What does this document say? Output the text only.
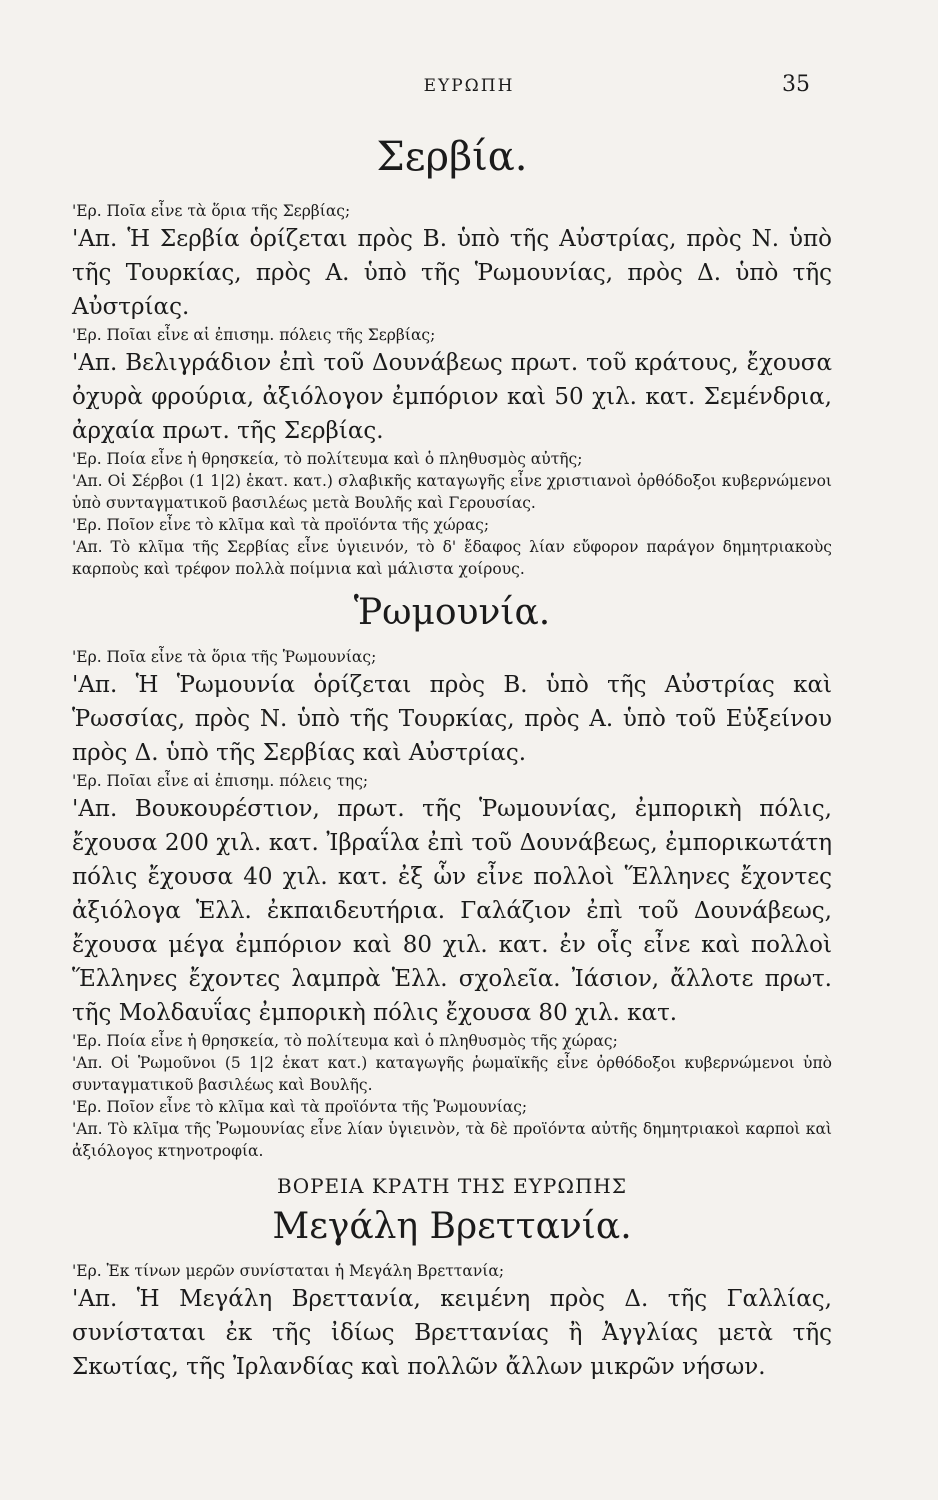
ΕΥΡΩΠΗ	35
Σερβία.

'Ερ. Ποῖα εἶνε τὰ ὅρια τῆς Σερβίας;

'Απ. Ἡ Σερβία ὁρίζεται πρὸς Β. ὑπὸ τῆς Αὐστρίας, πρὸς Ν. ὑπὸ τῆς Τουρκίας, πρὸς Α. ὑπὸ τῆς Ῥωμουνίας, πρὸς Δ. ὑπὸ τῆς Αὐστρίας.

'Ερ. Ποῖαι εἶνε αἱ ἐπισημ. πόλεις τῆς Σερβίας;

'Απ. Βελιγράδιον ἐπὶ τοῦ Δουνάβεως πρωτ. τοῦ κράτους, ἔχουσα ὀχυρὰ φρούρια, ἀξιόλογον ἐμπόριον καὶ 50 χιλ. κατ. Σεμένδρια, ἀρχαία πρωτ. τῆς Σερβίας.

'Ερ. Ποία εἶνε ἡ θρησκεία, τὸ πολίτευμα καὶ ὁ πληθυσμὸς αὐτῆς;

'Απ. Οἱ Σέρβοι (1 1|2) ἑκατ. κατ.) σλαβικῆς καταγωγῆς εἶνε χριστιανοὶ ὀρθόδοξοι κυβερνώμενοι ὑπὸ συνταγματικοῦ βασιλέως μετὰ Βουλῆς καὶ Γερουσίας.

'Ερ. Ποῖον εἶνε τὸ κλῖμα καὶ τὰ προϊόντα τῆς χώρας;

'Απ. Τὸ κλῖμα τῆς Σερβίας εἶνε ὑγιεινόν, τὸ δ' ἔδαφος λίαν εὔφορον παράγον δημητριακοὺς καρποὺς καὶ τρέφον πολλὰ ποίμνια καὶ μάλιστα χοίρους.

Ῥωμουνία.

'Ερ. Ποῖα εἶνε τὰ ὅρια τῆς Ῥωμουνίας;

'Απ. Ἡ Ῥωμουνία ὁρίζεται πρὸς Β. ὑπὸ τῆς Αὐστρίας καὶ Ῥωσσίας, πρὸς Ν. ὑπὸ τῆς Τουρκίας, πρὸς Α. ὑπὸ τοῦ Εὐξείνου πρὸς Δ. ὑπὸ τῆς Σερβίας καὶ Αὐστρίας.

'Ερ. Ποῖαι εἶνε αἱ ἐπισημ. πόλεις της;

'Απ. Βουκουρέστιον, πρωτ. τῆς Ῥωμουνίας, ἐμπορικὴ πόλις, ἔχουσα 200 χιλ. κατ. Ἰβραΐλα ἐπὶ τοῦ Δουνάβεως, ἐμπορικωτάτη πόλις ἔχουσα 40 χιλ. κατ. ἐξ ὧν εἶνε πολλοὶ Ἕλληνες ἔχοντες ἀξιόλογα Ἑλλ. ἐκπαιδευτήρια. Γαλάζιον ἐπὶ τοῦ Δουνάβεως, ἔχουσα μέγα ἐμπόριον καὶ 80 χιλ. κατ. ἐν οἷς εἶνε καὶ πολλοὶ Ἕλληνες ἔχοντες λαμπρὰ Ἑλλ. σχολεῖα. Ἰάσιον, ἄλλοτε πρωτ. τῆς Μολδαυΐας ἐμπορικὴ πόλις ἔχουσα 80 χιλ. κατ.

'Ερ. Ποία εἶνε ἡ θρησκεία, τὸ πολίτευμα καὶ ὁ πληθυσμὸς τῆς χώρας;

'Απ. Οἱ Ῥωμοῦνοι (5 1|2 ἑκατ κατ.) καταγωγῆς ῥωμαϊκῆς εἶνε ὀρθόδοξοι κυβερνώμενοι ὑπὸ συνταγματικοῦ βασιλέως καὶ Βουλῆς.

'Ερ. Ποῖον εἶνε τὸ κλῖμα καὶ τὰ προϊόντα τῆς Ῥωμουνίας;

'Απ. Τὸ κλῖμα τῆς Ῥωμουνίας εἶνε λίαν ὑγιεινὸν, τὰ δὲ προϊόντα αὐτῆς δημητριακοὶ καρποὶ καὶ ἀξιόλογος κτηνοτροφία.

ΒΟΡΕΙΑ ΚΡΑΤΗ ΤΗΣ ΕΥΡΩΠΗΣ
Μεγάλη Βρεττανία.

'Ερ. Ἐκ τίνων μερῶν συνίσταται ἡ Μεγάλη Βρεττανία;

'Απ. Ἡ Μεγάλη Βρεττανία, κειμένη πρὸς Δ. τῆς Γαλλίας, συνίσταται ἐκ τῆς ἰδίως Βρεττανίας ἢ Ἀγγλίας μετὰ τῆς Σκωτίας, τῆς Ἰρλανδίας καὶ πολλῶν ἄλλων μικρῶν νήσων.
